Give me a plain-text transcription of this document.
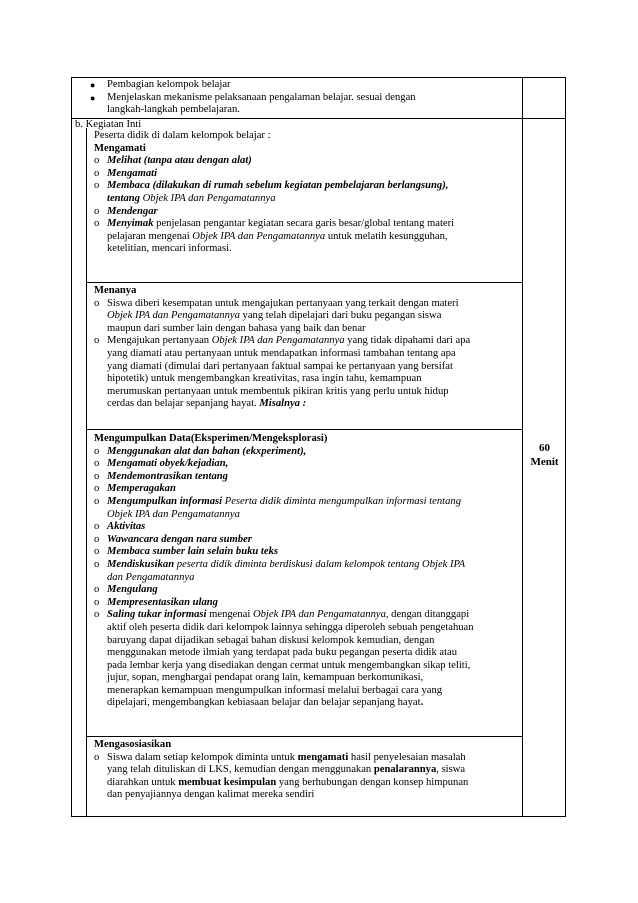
● Pembagian kelompok belajar

● Menjelaskan mekanisme pelaksanaan pengalaman belajar. sesuai dengan

langkah-langkah pembelajaran.

b. Kegiatan Inti

Peserta didik di dalam kelompok belajar :

Mengamati

o Melihat (tanpa atau dengan alat)

o Mengamati

o Membaca (dilakukan di rumah sebelum kegiatan pembelajaran berlangsung),

tentang Objek IPA dan Pengamatannya

o Mendengar

o Menyimak penjelasan pengantar kegiatan secara garis besar/global tentang materi

pelajaran mengenai Objek IPA dan Pengamatannya untuk melatih kesungguhan,

ketelitian, mencari informasi.

Menanya

o Siswa diberi kesempatan untuk mengajukan pertanyaan yang terkait dengan materi

Objek IPA dan Pengamatannya yang telah dipelajari dari buku pegangan siswa

maupun dari sumber lain dengan bahasa yang baik dan benar

o Mengajukan pertanyaan Objek IPA dan Pengamatannya yang tidak dipahami dari apa

yang diamati atau pertanyaan untuk mendapatkan informasi tambahan tentang apa

yang diamati (dimulai dari pertanyaan faktual sampai ke pertanyaan yang bersifat

hipotetik) untuk mengembangkan kreativitas, rasa ingin tahu, kemampuan

merumuskan pertanyaan untuk membentuk pikiran kritis yang perlu untuk hidup

cerdas dan belajar sepanjang hayat. Misalnya :

Mengumpulkan Data(Eksperimen/Mengeksplorasi)

o Menggunakan alat dan bahan (ekxperiment),

o Mengamati obyek/kejadian,

o Mendemontrasikan tentang

o Memperagakan

o Mengumpulkan informasi Peserta didik diminta mengumpulkan informasi tentang

Objek IPA dan Pengamatannya

o Aktivitas

o Wawancara dengan nara sumber

o Membaca sumber lain selain buku teks

o Mendiskusikan peserta didik diminta berdiskusi dalam kelompok tentang Objek IPA

dan Pengamatannya

o Mengulang

o Mempresentasikan ulang

o Saling tukar informasi mengenai Objek IPA dan Pengamatannya, dengan ditanggapi

aktif oleh peserta didik dari kelompok lainnya sehingga diperoleh sebuah pengetahuan

baruyang dapat dijadikan sebagai bahan diskusi kelompok kemudian, dengan

menggunakan metode ilmiah yang terdapat pada buku pegangan peserta didik atau

pada lembar kerja yang disediakan dengan cermat untuk mengembangkan sikap teliti,

jujur, sopan, menghargai pendapat orang lain, kemampuan berkomunikasi,

menerapkan kemampuan mengumpulkan informasi melalui berbagai cara yang

dipelajari, mengembangkan kebiasaan belajar dan belajar sepanjang hayat.

Mengasosiasikan

o Siswa dalam setiap kelompok diminta untuk mengamati hasil penyelesaian masalah

yang telah dituliskan di LKS, kemudian dengan menggunakan penalarannya, siswa

diarahkan untuk membuat kesimpulan yang berhubungan dengan konsep himpunan

dan penyajiannya dengan kalimat mereka sendiri

60
Menit
